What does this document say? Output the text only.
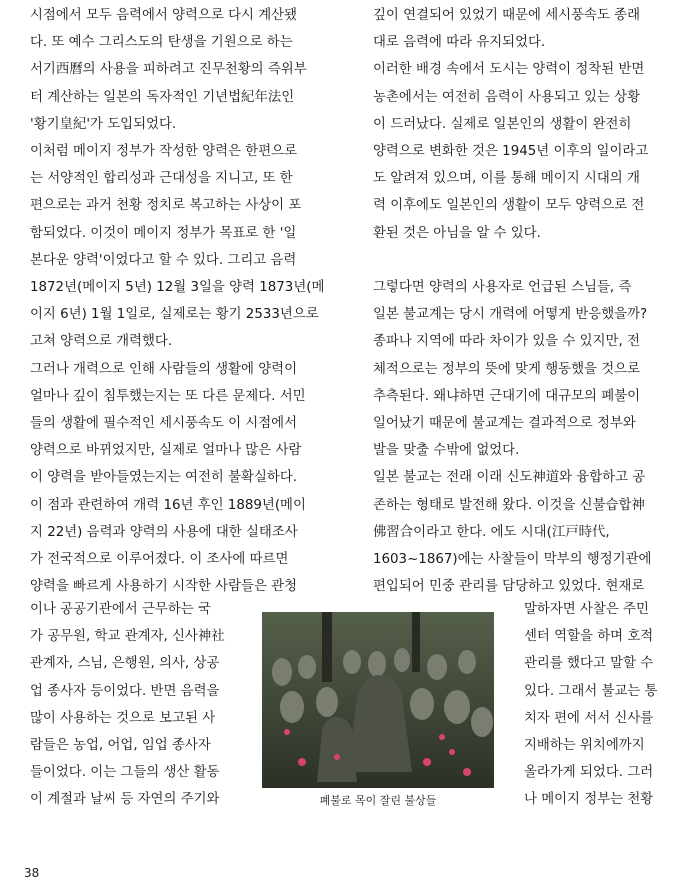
시점에서 모두 음력에서 양력으로 다시 계산됐

다. 또 예수 그리스도의 탄생을 기원으로 하는

서기西曆의 사용을 피하려고 진무천황의 즉위부

터 계산하는 일본의 독자적인 기년법紀年法인

'황기皇紀'가 도입되었다.

이처럼 메이지 정부가 작성한 양력은 한편으로

는 서양적인 합리성과 근대성을 지니고, 또 한

편으로는 과거 천황 정치로 복고하는 사상이 포

함되었다. 이것이 메이지 정부가 목표로 한 '일

본다운 양력'이었다고 할 수 있다. 그리고 음력

1872년(메이지 5년) 12월 3일을 양력 1873년(메

이지 6년) 1월 1일로, 실제로는 황기 2533년으로

고쳐 양력으로 개력했다.

그러나 개력으로 인해 사람들의 생활에 양력이

얼마나 깊이 침투했는지는 또 다른 문제다. 서민

들의 생활에 필수적인 세시풍속도 이 시점에서

양력으로 바뀌었지만, 실제로 얼마나 많은 사람

이 양력을 받아들였는지는 여전히 불확실하다.

이 점과 관련하여 개력 16년 후인 1889년(메이

지 22년) 음력과 양력의 사용에 대한 실태조사

가 전국적으로 이루어졌다. 이 조사에 따르면

양력을 빠르게 사용하기 시작한 사람들은 관청

깊이 연결되어 있었기 때문에 세시풍속도 종래

대로 음력에 따라 유지되었다.

이러한 배경 속에서 도시는 양력이 정착된 반면

농촌에서는 여전히 음력이 사용되고 있는 상황

이 드러났다. 실제로 일본인의 생활이 완전히

양력으로 변화한 것은 1945년 이후의 일이라고

도 알려져 있으며, 이를 통해 메이지 시대의 개

력 이후에도 일본인의 생활이 모두 양력으로 전

환된 것은 아님을 알 수 있다.

그렇다면 양력의 사용자로 언급된 스님들, 즉

일본 불교계는 당시 개력에 어떻게 반응했을까?

종파나 지역에 따라 차이가 있을 수 있지만, 전

체적으로는 정부의 뜻에 맞게 행동했을 것으로

추측된다. 왜냐하면 근대기에 대규모의 폐불이

일어났기 때문에 불교계는 결과적으로 정부와

발을 맞출 수밖에 없었다.

일본 불교는 전래 이래 신도神道와 융합하고 공

존하는 형태로 발전해 왔다. 이것을 신불습합神

佛習合이라고 한다. 에도 시대(江戸時代,

1603~1867)에는 사찰들이 막부의 행정기관에

편입되어 민중 관리를 담당하고 있었다. 현재로

이나 공공기관에서 근무하는 국

가 공무원, 학교 관계자, 신사神社

관계자, 스님, 은행원, 의사, 상공

업 종사자 등이었다. 반면 음력을

많이 사용하는 것으로 보고된 사

람들은 농업, 어업, 임업 종사자

들이었다. 이는 그들의 생산 활동

이 계절과 날씨 등 자연의 주기와

말하자면 사찰은 주민

센터 역할을 하며 호적

관리를 했다고 말할 수

있다. 그래서 불교는 통

치자 편에 서서 신사를

지배하는 위치에까지

올라가게 되었다. 그러

나 메이지 정부는 천황

폐불로 목이 잘린 불상들
38
